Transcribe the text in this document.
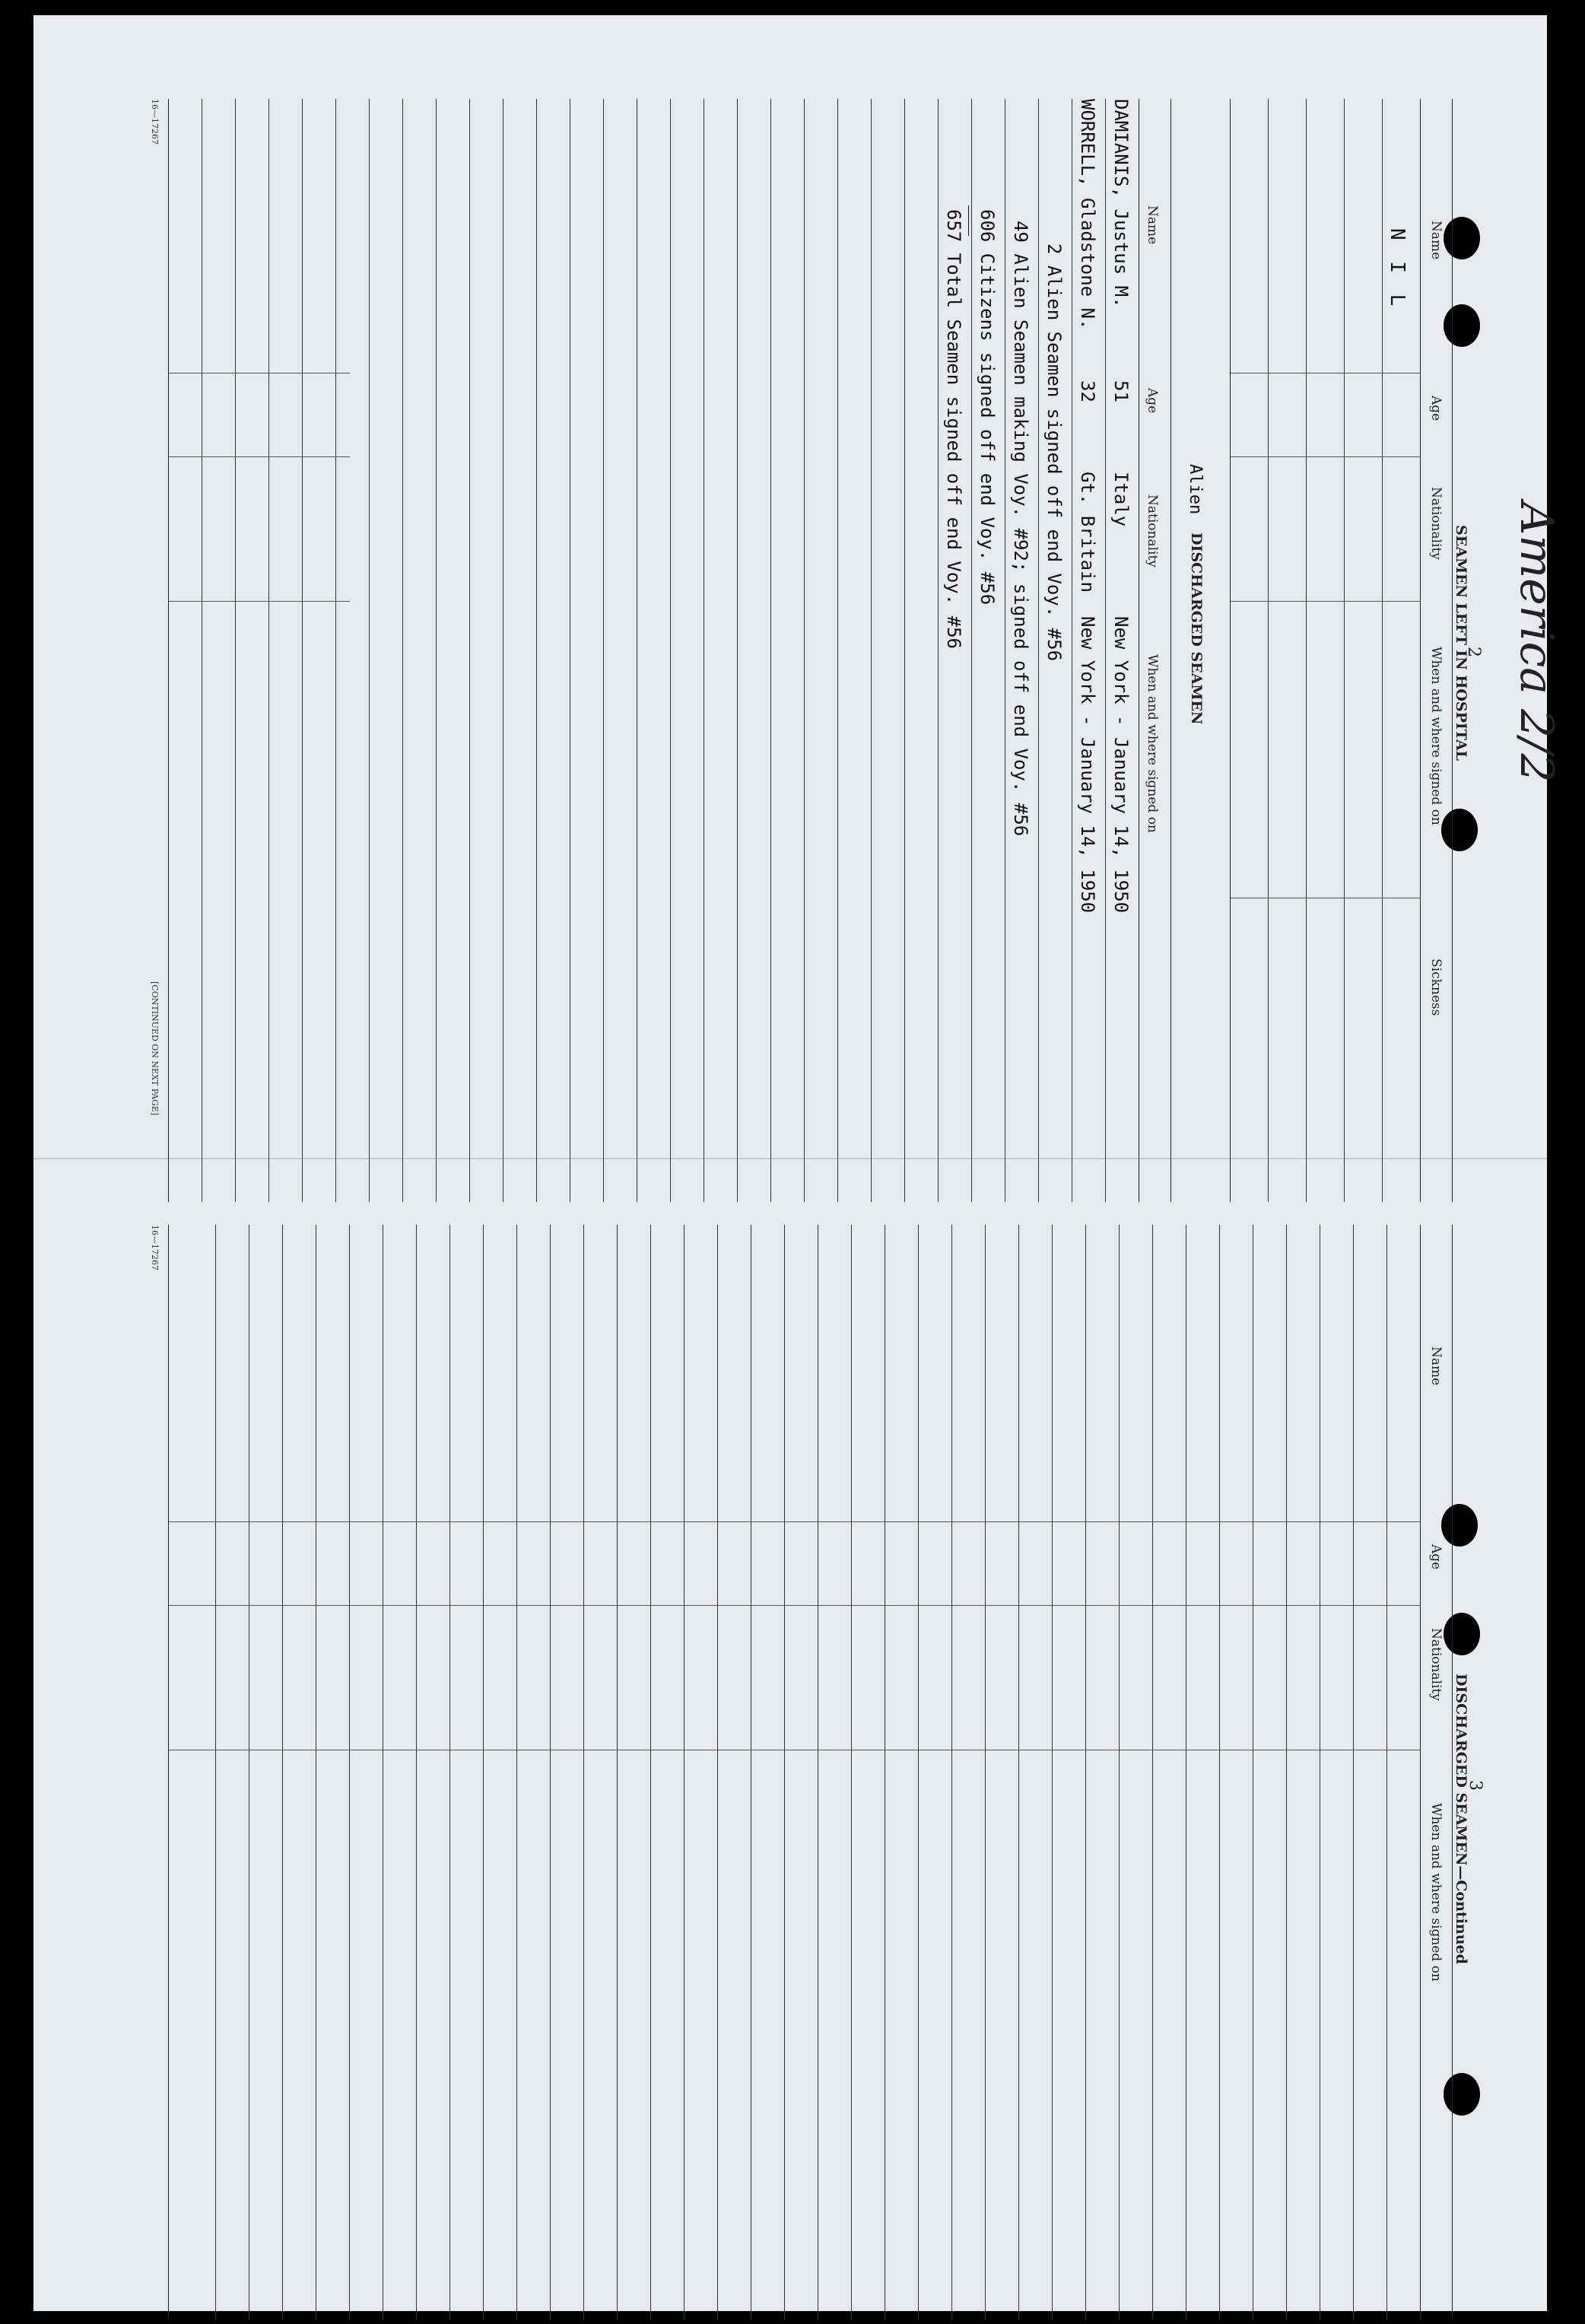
America 2/2
2
SEAMEN LEFT IN HOSPITAL
Name
Age
Nationality
When and where signed on
Sickness
N I L
Alien
DISCHARGED SEAMEN
Name
Age
Nationality
When and where signed on
DAMIANIS, Justus M.
51
Italy
New York - January 14, 1950
WORRELL, Gladstone N.
32
Gt. Britain
New York - January 14, 1950
2 Alien Seamen signed off end Voy. #56
49 Alien Seamen making Voy. #92; signed off end Voy. #56
606 Citizens signed off end Voy. #56
657 Total Seamen signed off end Voy. #56
[CONTINUED ON NEXT PAGE]
16—17267
3
DISCHARGED SEAMEN—Continued
Name
Age
Nationality
When and where signed on
16—17267
